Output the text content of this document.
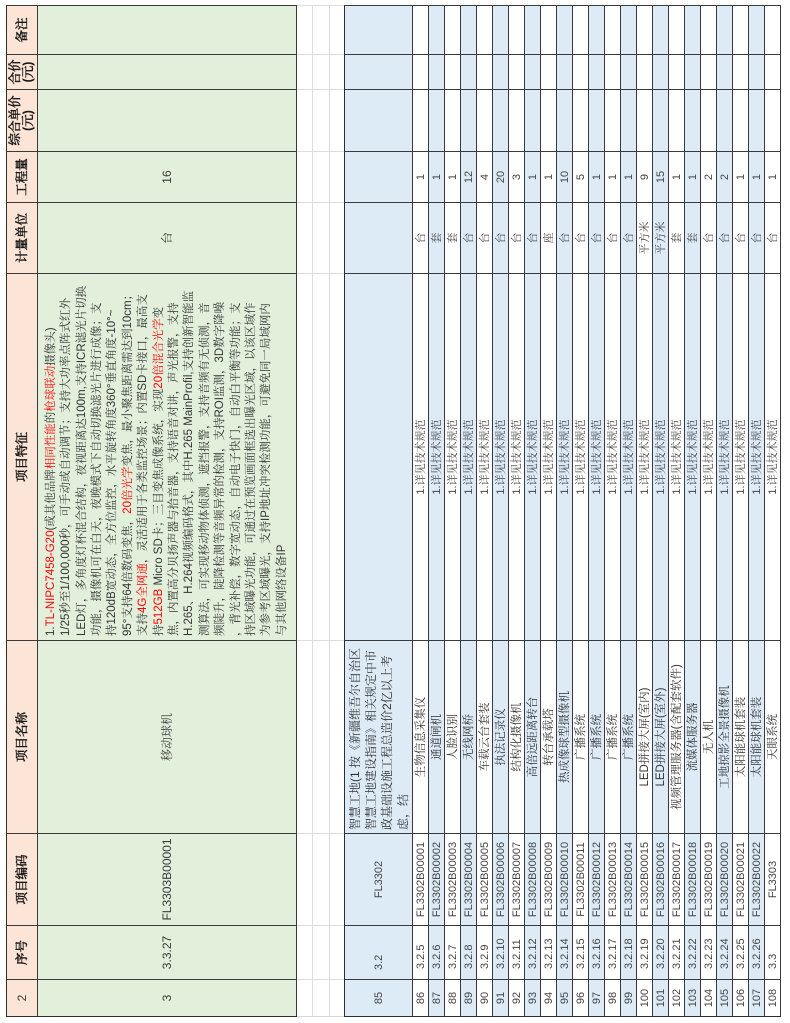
2
序号
项目编码
项目名称
项目特征
计量单位
工程量
综合单价(元)
合价(元)
备注
3
3.3.27
FL3303B00001
移动球机
1.TL-NIPC7458-G20(或其他品牌相同性能的枪球联动摄像头) 1/25秒至1/100,000秒，可手动或自动调节；支持大功率点阵式红外 LED灯，多角度灯杯混合结构，夜视距离达100m,支持ICR滤光片切换 功能，摄像机可在白天，夜晚模式下自动切换滤光片进行成像；支 持120dB宽动态，全方位监控，水平旋转角度360°垂直角度-10°~ 95°支持64倍数码变焦，20倍光学变焦，最小聚焦距离需达到10cm；
支持4G全网通，灵活适用于各类监控场景；内置SD卡接口，最高支
持512GB Micro SD卡；三目变焦成像系统，实现20倍混合光学变 焦，内置高分贝扬声器与拾音器，支持语音对讲，声光报警，支持 H.265、H.264视频编码格式，其中H.265 MainProfil,支持创新智能监 测算法，可实现移动物体侦测，遮挡报警，支持音频有无侦测，音 频陡升，陡降检测等音频异常的检测，支持ROI监测，3D数字降噪 ，背光补偿，数字宽动态，自动电子快门，自动白平衡等功能；支 持区域曝光功能，可通过在预览画面框选出曝光区域，以该区域作 为参考区域曝光，支持IP地址冲突检测功能，可避免同一局域网内 与其他网络设备IP
台
16
85
3.2
FL3302
智慧工地(1 按《新疆维吾尔自治区 智慧工地建设指南》相关规定中市 政基础设施工程总造价2亿以上考 虑，结
86
3.2.5
FL3302B00001
生物信息采集仪
1.详见技术规范
台
1
87
3.2.6
FL3302B00002
通道闸机
1.详见技术规范
套
1
88
3.2.7
FL3302B00003
人脸识别
1.详见技术规范
套
1
89
3.2.8
FL3302B00004
无线网桥
1.详见技术规范
台
12
90
3.2.9
FL3302B00005
车载云台套装
1.详见技术规范
台
4
91
3.2.10
FL3302B00006
执法记录仪
1.详见技术规范
台
20
92
3.2.11
FL3302B00007
结构化摄像机
1.详见技术规范
台
3
93
3.2.12
FL3302B00008
高倍远距离转台
1.详见技术规范
台
1
94
3.2.13
FL3302B00009
转台承载塔
1.详见技术规范
座
1
95
3.2.14
FL3302B00010
热成像球型摄像机
1.详见技术规范
台
10
96
3.2.15
FL3302B00011
广播系统
1.详见技术规范
台
5
97
3.2.16
FL3302B00012
广播系统
1.详见技术规范
台
1
98
3.2.17
FL3302B00013
广播系统
1.详见技术规范
台
1
99
3.2.18
FL3302B00014
广播系统
1.详见技术规范
台
1
100
3.2.19
FL3302B00015
LED拼接大屏(室内)
1.详见技术规范
平方米
9
101
3.2.20
FL3302B00016
LED拼接大屏(室外)
1.详见技术规范
平方米
15
102
3.2.21
FL3302B00017
视频管理服务器(含配套软件)
1.详见技术规范
套
1
103
3.2.22
FL3302B00018
流媒体服务器
1.详见技术规范
套
1
104
3.2.23
FL3302B00019
无人机
1.详见技术规范
台
2
105
3.2.24
FL3302B00020
工地掠影全景摄像机
1.详见技术规范
台
2
106
3.2.25
FL3302B00021
太阳能球机套装
1.详见技术规范
台
1
107
3.2.26
FL3302B00022
太阳能球机套装
1.详见技术规范
台
1
108
3.3
FL3303
天眼系统
1.详见技术规范
台
1
